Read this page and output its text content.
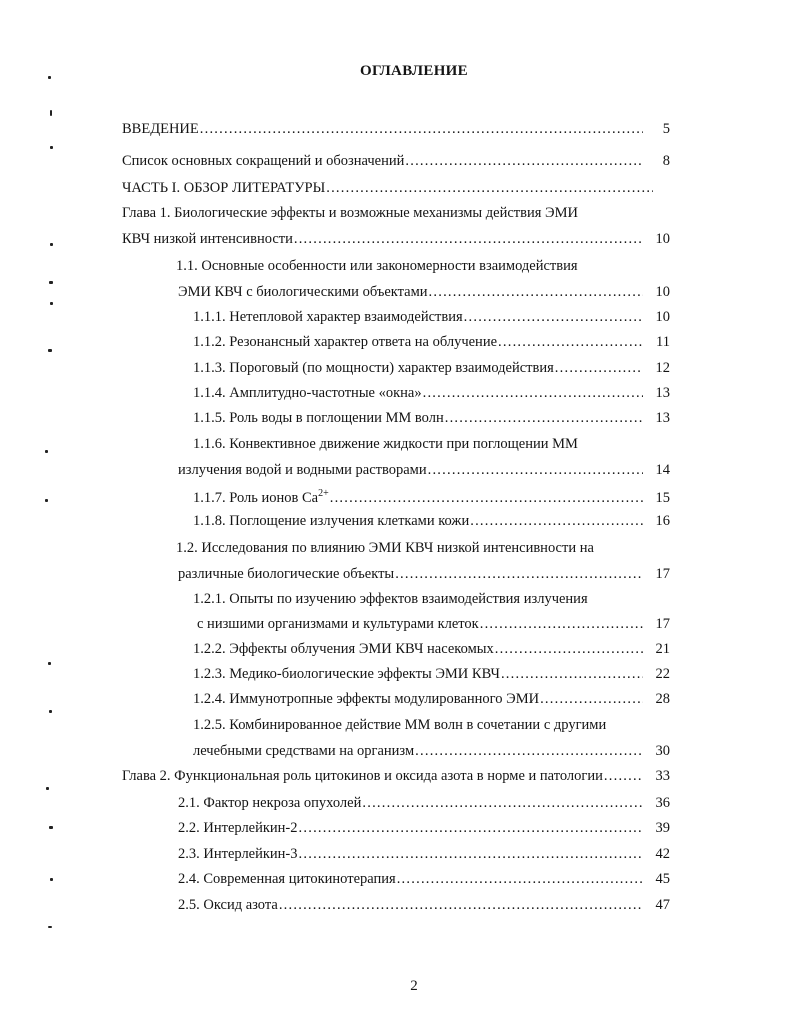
ОГЛАВЛЕНИЕ
ВВЕДЕНИЕ . . .	5
Список основных сокращений и обозначений . . .	8
ЧАСТЬ I. ОБЗОР ЛИТЕРАТУРЫ
. . .
Глава 1. Биологические эффекты и возможные механизмы действия ЭМИ
КВЧ низкой интенсивности . . .	10
1.1. Основные особенности или закономерности взаимодействия
ЭМИ КВЧ с биологическими объектами . . .	10
1.1.1. Нетепловой характер взаимодействия . . .	10
1.1.2. Резонансный характер ответа на облучение . . .	11
1.1.3. Пороговый (по мощности) характер взаимодействия . . .	12
1.1.4. Амплитудно-частотные «окна» . . .	13
1.1.5. Роль воды в поглощении ММ волн . . .	13
1.1.6. Конвективное движение жидкости при поглощении ММ
излучения водой и водными растворами . . .	14
1.1.7. Роль ионов $Ca^{2+}$ . . .	15
1.1.8. Поглощение излучения клетками кожи . . .	16
1.2. Исследования по влиянию ЭМИ КВЧ низкой интенсивности на
различные биологические объекты . . .	17
1.2.1. Опыты по изучению эффектов взаимодействия излучения
с низшими организмами и культурами клеток . . .	17
1.2.2. Эффекты облучения ЭМИ КВЧ насекомых . . .	21
1.2.3. Медико-биологические эффекты ЭМИ КВЧ . . .	22
1.2.4. Иммунотропные эффекты модулированного ЭМИ . . .	28
1.2.5. Комбинированное действие ММ волн в сочетании с другими
лечебными средствами на организм . . .	30
Глава 2. Функциональная роль цитокинов и оксида азота в норме и патологии . . .	33
2.1. Фактор некроза опухолей . . .	36
2.2. Интерлейкин-2 . . .	39
2.3. Интерлейкин-3 . . .	42
2.4. Современная цитокинотерапия . . .	45
2.5. Оксид азота . . .	47
2
